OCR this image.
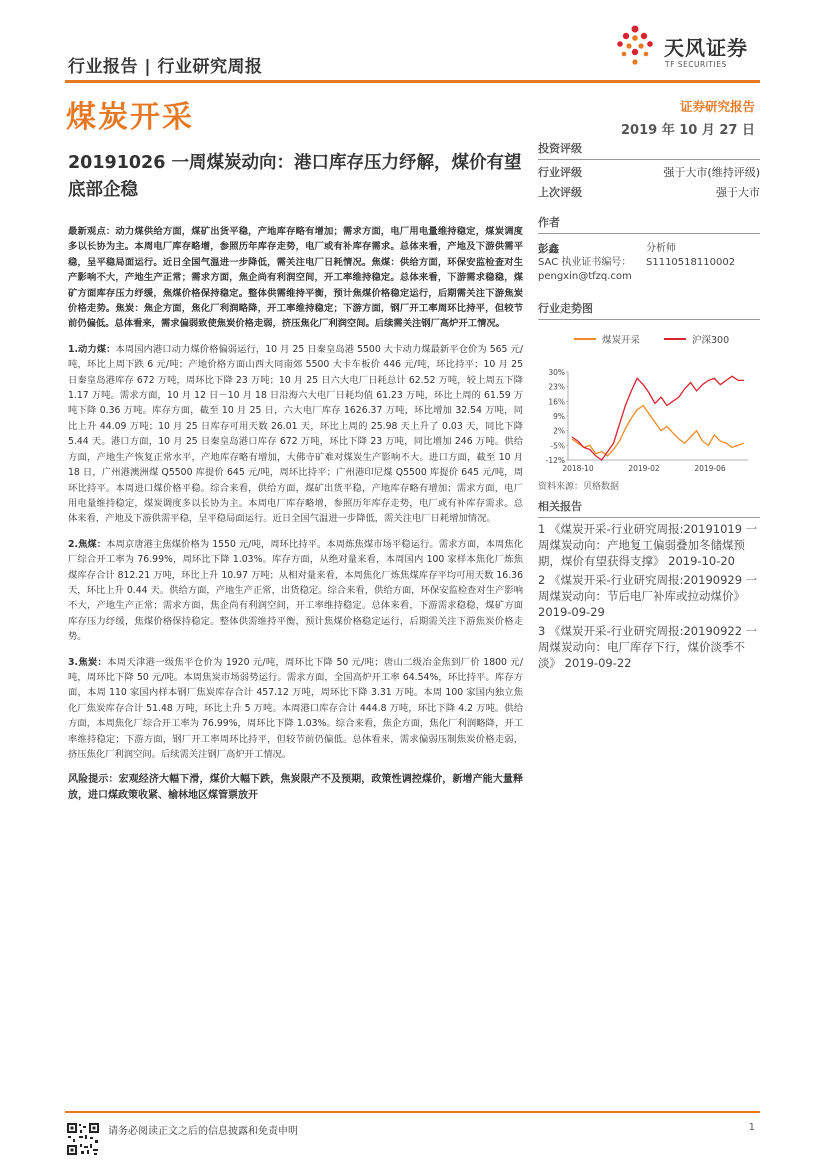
行业报告 | 行业研究周报
天风证券
TF SECURITIES
煤炭开采	证券研究报告
2019 年 10 月 27 日
20191026 一周煤炭动向：港口库存压力纾解，煤价有望底部企稳

最新观点：动力煤供给方面，煤矿出货平稳，产地库存略有增加；需求方面，电厂用电量维持稳定，煤炭调度多以长协为主。本周电厂库存略增，参照历年库存走势，电厂或有补库存需求。总体来看，产地及下游供需平稳，呈平稳局面运行。近日全国气温进一步降低，需关注电厂日耗情况。焦煤：供给方面，环保安监检查对生产影响不大，产地生产正常；需求方面，焦企尚有利润空间，开工率维持稳定。总体来看，下游需求稳稳，煤矿方面库存压力纾缓，焦煤价格保持稳定。整体供需维持平衡，预计焦煤价格稳定运行，后期需关注下游焦炭价格走势。焦炭：焦企方面，焦化厂利润略降，开工率维持稳定；下游方面，钢厂开工率周环比持平，但较节前仍偏低。总体看来，需求偏弱致使焦炭价格走弱，挤压焦化厂利润空间。后续需关注钢厂高炉开工情况。

1.动力煤：本周国内港口动力煤价格偏弱运行，10 月 25 日秦皇岛港 5500 大卡动力煤最新平仓价为 565 元/吨，环比上周下跌 6 元/吨；产地价格方面山西大同南郊 5500 大卡车板价 446 元/吨，环比持平；10 月 25 日秦皇岛港库存 672 万吨，周环比下降 23 万吨；10 月 25 日六大电厂日耗总计 62.52 万吨，较上周五下降 1.17 万吨。需求方面，10 月 12 日－10 月 18 日沿海六大电厂日耗均值 61.23 万吨，环比上周的 61.59 万吨下降 0.36 万吨。库存方面，截至 10 月 25 日，六大电厂库存 1626.37 万吨，环比增加 32.54 万吨，同比上升 44.09 万吨；10 月 25 日库存可用天数 26.01 天，环比上周的 25.98 天上升了 0.03 天，同比下降 5.44 天。港口方面，10 月 25 日秦皇岛港口库存 672 万吨，环比下降 23 万吨，同比增加 246 万吨。供给方面，产地生产恢复正常水平，产地库存略有增加，大佛寺矿难对煤炭生产影响不大。进口方面，截至 10 月 18 日，广州港澳洲煤 Q5500 库提价 645 元/吨，周环比持平；广州港印尼煤 Q5500 库提价 645 元/吨，周环比持平。本周进口煤价格平稳。综合来看，供给方面，煤矿出货平稳，产地库存略有增加；需求方面，电厂用电量维持稳定，煤炭调度多以长协为主。本周电厂库存略增，参照历年库存走势，电厂或有补库存需求。总体来看，产地及下游供需平稳，呈平稳局面运行。近日全国气温进一步降低，需关注电厂日耗增加情况。

2.焦煤：本周京唐港主焦煤价格为 1550 元/吨，周环比持平。本周炼焦煤市场平稳运行。需求方面，本周焦化厂综合开工率为 76.99%，周环比下降 1.03%。库存方面，从绝对量来看，本周国内 100 家样本焦化厂炼焦煤库存合计 812.21 万吨，环比上升 10.97 万吨；从相对量来看，本周焦化厂炼焦煤库存平均可用天数 16.36 天，环比上升 0.44 天。供给方面，产地生产正常，出货稳定。综合来看，供给方面，环保安监检查对生产影响不大，产地生产正常；需求方面，焦企尚有利润空间，开工率维持稳定。总体来看，下游需求稳稳，煤矿方面库存压力纾缓，焦煤价格保持稳定。整体供需维持平衡，预计焦煤价格稳定运行，后期需关注下游焦炭价格走势。

3.焦炭：本周天津港一级焦平仓价为 1920 元/吨，周环比下降 50 元/吨；唐山二级冶金焦到厂价 1800 元/吨，周环比下降 50 元/吨。本周焦炭市场弱势运行。需求方面，全国高炉开工率 64.54%，环比持平。库存方面，本周 110 家国内样本钢厂焦炭库存合计 457.12 万吨，周环比下降 3.31 万吨。本周 100 家国内独立焦化厂焦炭库存合计 51.48 万吨，环比上升 5 万吨。本周港口库存合计 444.8 万吨，环比下降 4.2 万吨。供给方面，本周焦化厂综合开工率为 76.99%，周环比下降 1.03%。综合来看，焦企方面，焦化厂利润略降，开工率维持稳定；下游方面，钢厂开工率周环比持平，但较节前仍偏低。总体看来，需求偏弱压制焦炭价格走弱，挤压焦化厂利润空间。后续需关注钢厂高炉开工情况。

风险提示：宏观经济大幅下滑，煤价大幅下跌，焦炭限产不及预期，政策性调控煤价，新增产能大量释放，进口煤政策收紧、榆林地区煤管票放开

投资评级
行业评级	强于大市(维持评级)
上次评级	强于大市
作者
彭鑫	分析师
SAC 执业证书编号：	S1110518110002
pengxin@tfzq.com
行业走势图
煤炭开采	沪深300
30%
23%
16%
9%
2%
-5%
-12%
2018-10	2019-02	2019-06
资料来源：贝格数据
相关报告
1 《煤炭开采-行业研究周报:20191019 一周煤炭动向：产地复工偏弱叠加冬储煤预期，煤价有望获得支撑》 2019-10-20
2 《煤炭开采-行业研究周报:20190929 一周煤炭动向：节后电厂补库或拉动煤价》 2019-09-29
3 《煤炭开采-行业研究周报:20190922 一周煤炭动向：电厂库存下行，煤价淡季不淡》 2019-09-22
请务必阅读正文之后的信息披露和免责申明	1
